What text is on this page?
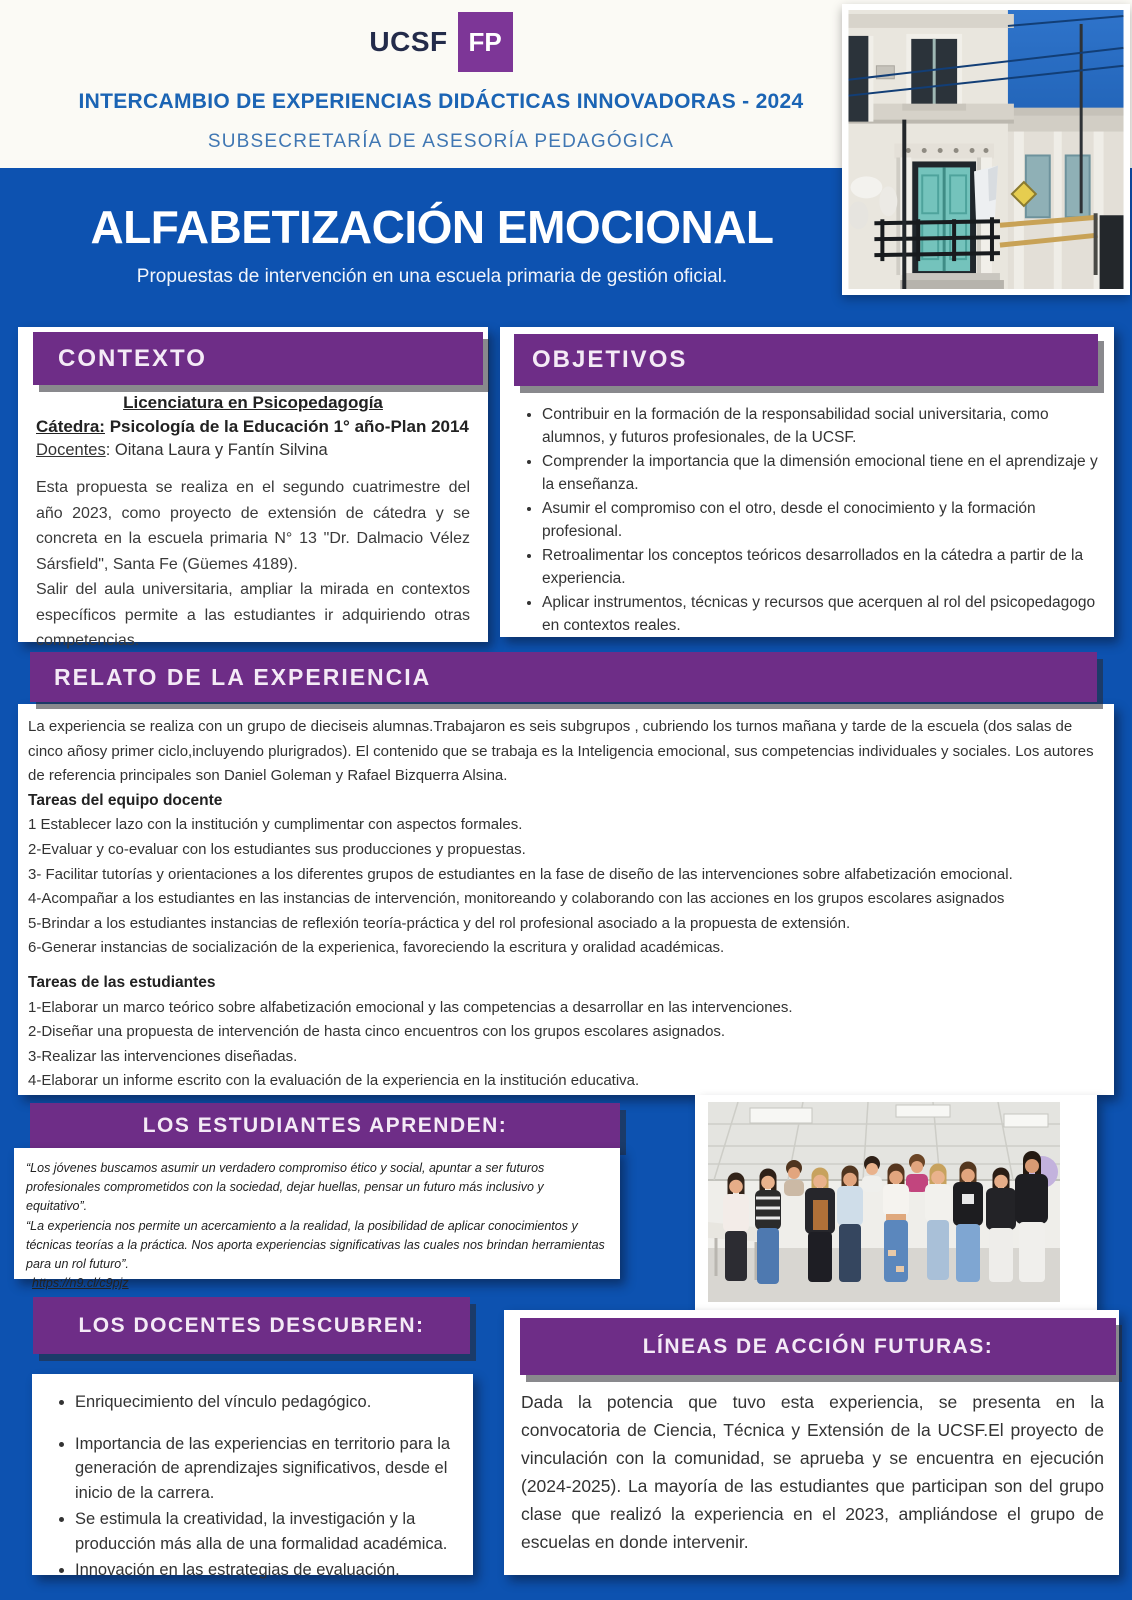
UCSF FP
INTERCAMBIO DE EXPERIENCIAS DIDÁCTICAS INNOVADORAS - 2024
SUBSECRETARÍA DE ASESORÍA PEDAGÓGICA
ALFABETIZACIÓN EMOCIONAL
Propuestas de intervención en una escuela primaria de gestión oficial.
Licenciatura en Psicopedagogía
Cátedra: Psicología de la Educación 1° año-Plan 2014
Docentes: Oitana Laura y Fantín Silvina

Esta propuesta se realiza en el segundo cuatrimestre del año 2023, como proyecto de extensión de cátedra y se concreta en la escuela primaria N° 13 "Dr. Dalmacio Vélez Sársfield", Santa Fe (Güemes 4189).

Salir del aula universitaria, ampliar la mirada en contextos específicos permite a las estudiantes ir adquiriendo otras competencias.

CONTEXTO
• Contribuir en la formación de la responsabilidad social universitaria, como alumnos, y futuros profesionales, de la UCSF.
• Comprender la importancia que la dimensión emocional tiene en el aprendizaje y la enseñanza.
• Asumir el compromiso con el otro, desde el conocimiento y la formación profesional.
• Retroalimentar los conceptos teóricos desarrollados en la cátedra a partir de la experiencia.
• Aplicar instrumentos, técnicas y recursos que acerquen al rol del psicopedagogo en contextos reales.
OBJETIVOS
La experiencia se realiza con un grupo de dieciseis alumnas.Trabajaron es seis subgrupos , cubriendo los turnos mañana y tarde de la escuela (dos salas de cinco añosy primer ciclo,incluyendo plurigrados). El contenido que se trabaja es la Inteligencia emocional, sus competencias individuales y sociales. Los autores de referencia principales son Daniel Goleman y Rafael Bizquerra Alsina.
Tareas del equipo docente
1 Establecer lazo con la institución y cumplimentar con aspectos formales.
2-Evaluar y co-evaluar con los estudiantes sus producciones y propuestas.
3- Facilitar tutorías y orientaciones a los diferentes grupos de estudiantes en la fase de diseño de las intervenciones sobre alfabetización emocional.
4-Acompañar a los estudiantes en las instancias de intervención, monitoreando y colaborando con las acciones en los grupos escolares asignados
5-Brindar a los estudiantes instancias de reflexión teoría-práctica y del rol profesional asociado a la propuesta de extensión.
6-Generar instancias de socialización de la experienica, favoreciendo la escritura y oralidad académicas.
Tareas de las estudiantes
1-Elaborar un marco teórico sobre alfabetización emocional y las competencias a desarrollar en las intervenciones.
2-Diseñar una propuesta de intervención de hasta cinco encuentros con los grupos escolares asignados.
3-Realizar las intervenciones diseñadas.
4-Elaborar un informe escrito con la evaluación de la experiencia en la institución educativa.
RELATO DE LA EXPERIENCIA
LOS ESTUDIANTES APRENDEN:
“Los jóvenes buscamos asumir un verdadero compromiso ético y social, apuntar a ser futuros profesionales comprometidos con la sociedad, dejar huellas, pensar un futuro más inclusivo y equitativo”.
“La experiencia nos permite un acercamiento a la realidad, la posibilidad de aplicar conocimientos y técnicas teorías a la práctica. Nos aporta experiencias significativas las cuales nos brindan herramientas para un rol futuro”.
https://n9.cl/c9pjz
LOS DOCENTES DESCUBREN:
• Enriquecimiento del vínculo pedagógico.
• Importancia de las experiencias en territorio para la generación de aprendizajes significativos, desde el inicio de la carrera.
• Se estimula la creatividad, la investigación y la producción más alla de una formalidad académica.
• Innovación en las estrategias de evaluación.

Dada la potencia que tuvo esta experiencia, se presenta en la convocatoria de Ciencia, Técnica y Extensión de la UCSF.El proyecto de vinculación con la comunidad, se aprueba y se encuentra en ejecución (2024-2025). La mayoría de las estudiantes que participan son del grupo clase que realizó la experiencia en el 2023, ampliándose el grupo de escuelas en donde intervenir.

LÍNEAS DE ACCIÓN FUTURAS:
